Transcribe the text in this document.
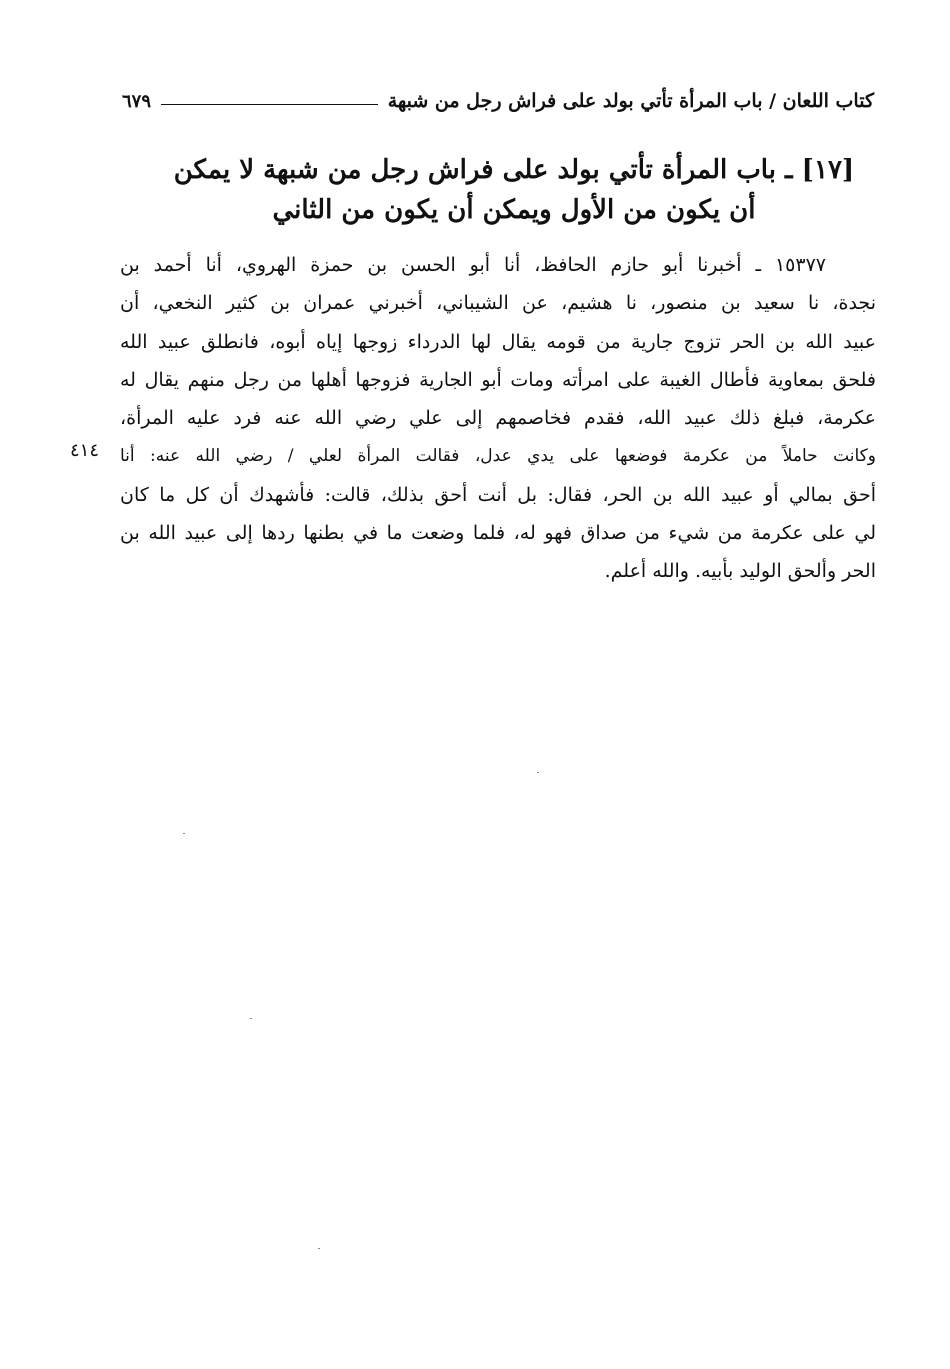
كتاب اللعان / باب المرأة تأتي بولد على فراش رجل من شبهة
٦٧٩
[١٧] ـ باب المرأة تأتي بولد على فراش رجل من شبهة لا يمكن
أن يكون من الأول ويمكن أن يكون من الثاني
١٥٣٧٧ ـ أخبرنا أبو حازم الحافظ، أنا أبو الحسن بن حمزة الهروي، أنا أحمد بن
نجدة، نا سعيد بن منصور، نا هشيم، عن الشيباني، أخبرني عمران بن كثير النخعي، أن
عبيد الله بن الحر تزوج جارية من قومه يقال لها الدرداء زوجها إياه أبوه، فانطلق عبيد الله
فلحق بمعاوية فأطال الغيبة على امرأته ومات أبو الجارية فزوجها أهلها من رجل منهم يقال له
عكرمة، فبلغ ذلك عبيد الله، فقدم فخاصمهم إلى علي رضي الله عنه فرد عليه المرأة،
وكانت حاملاً من عكرمة فوضعها على يدي عدل، فقالت المرأة لعلي / رضي الله عنه: أنا
أحق بمالي أو عبيد الله بن الحر، فقال: بل أنت أحق بذلك، قالت: فأشهدك أن كل ما كان
لي على عكرمة من شيء من صداق فهو له، فلما وضعت ما في بطنها ردها إلى عبيد الله بن
الحر وألحق الوليد بأبيه. والله أعلم.
٤١٤
